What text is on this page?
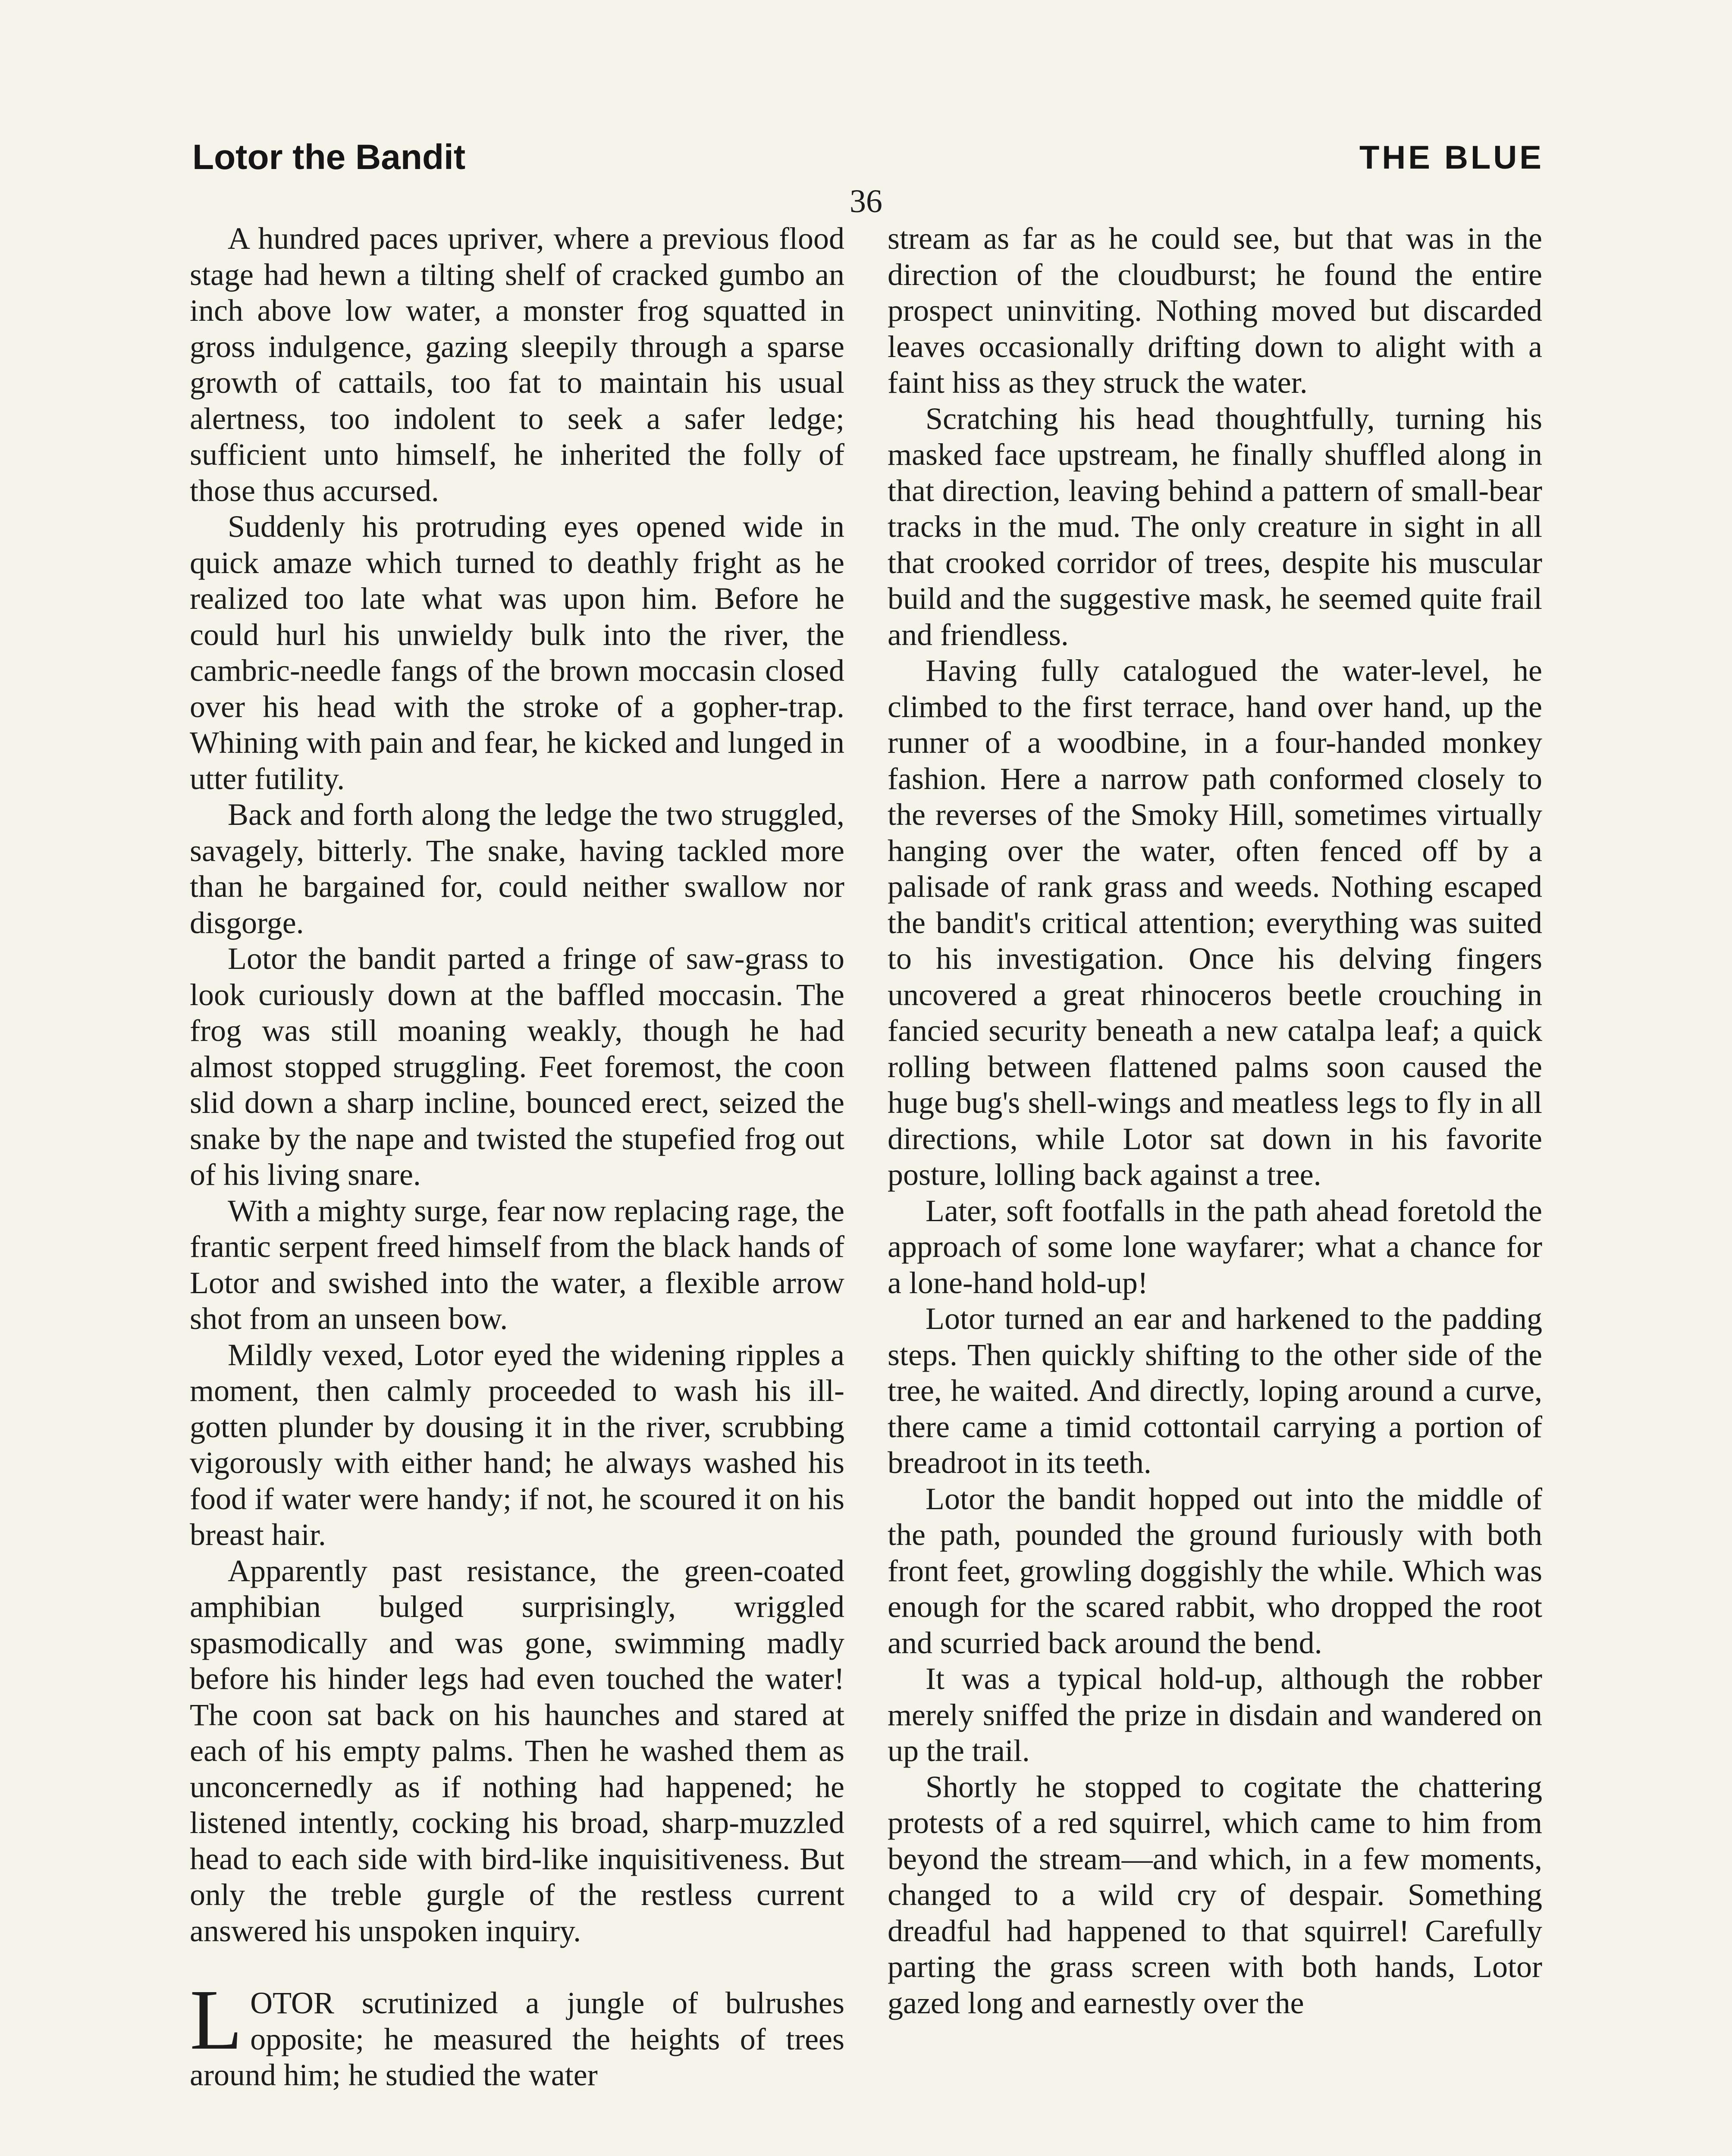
Lotor the Bandit	THE BLUE
36

A hundred paces upriver, where a previous flood stage had hewn a tilting shelf of cracked gumbo an inch above low water, a monster frog squatted in gross indulgence, gazing sleepily through a sparse growth of cattails, too fat to maintain his usual alertness, too indolent to seek a safer ledge; sufficient unto himself, he inherited the folly of those thus accursed.

Suddenly his protruding eyes opened wide in quick amaze which turned to deathly fright as he realized too late what was upon him. Before he could hurl his unwieldy bulk into the river, the cambric-needle fangs of the brown moccasin closed over his head with the stroke of a gopher-trap. Whining with pain and fear, he kicked and lunged in utter futility.

Back and forth along the ledge the two struggled, savagely, bitterly. The snake, having tackled more than he bargained for, could neither swallow nor disgorge.

Lotor the bandit parted a fringe of saw-grass to look curiously down at the baffled moccasin. The frog was still moaning weakly, though he had almost stopped struggling. Feet foremost, the coon slid down a sharp incline, bounced erect, seized the snake by the nape and twisted the stupefied frog out of his living snare.

With a mighty surge, fear now replacing rage, the frantic serpent freed himself from the black hands of Lotor and swished into the water, a flexible arrow shot from an unseen bow.

Mildly vexed, Lotor eyed the widening ripples a moment, then calmly proceeded to wash his ill-gotten plunder by dousing it in the river, scrubbing vigorously with either hand; he always washed his food if water were handy; if not, he scoured it on his breast hair.

Apparently past resistance, the green-coated amphibian bulged surprisingly, wriggled spasmodically and was gone, swimming madly before his hinder legs had even touched the water! The coon sat back on his haunches and stared at each of his empty palms. Then he washed them as unconcernedly as if nothing had happened; he listened intently, cocking his broad, sharp-muzzled head to each side with bird-like inquisitiveness. But only the treble gurgle of the restless current answered his unspoken inquiry.

LOTOR scrutinized a jungle of bulrushes opposite; he measured the heights of trees around him; he studied the water

stream as far as he could see, but that was in the direction of the cloudburst; he found the entire prospect uninviting. Nothing moved but discarded leaves occasionally drifting down to alight with a faint hiss as they struck the water.

Scratching his head thoughtfully, turning his masked face upstream, he finally shuffled along in that direction, leaving behind a pattern of small-bear tracks in the mud. The only creature in sight in all that crooked corridor of trees, despite his muscular build and the suggestive mask, he seemed quite frail and friendless.

Having fully catalogued the water-level, he climbed to the first terrace, hand over hand, up the runner of a woodbine, in a four-handed monkey fashion. Here a narrow path conformed closely to the reverses of the Smoky Hill, sometimes virtually hanging over the water, often fenced off by a palisade of rank grass and weeds. Nothing escaped the bandit's critical attention; everything was suited to his investigation. Once his delving fingers uncovered a great rhinoceros beetle crouching in fancied security beneath a new catalpa leaf; a quick rolling between flattened palms soon caused the huge bug's shell-wings and meatless legs to fly in all directions, while Lotor sat down in his favorite posture, lolling back against a tree.

Later, soft footfalls in the path ahead foretold the approach of some lone wayfarer; what a chance for a lone-hand hold-up!

Lotor turned an ear and harkened to the padding steps. Then quickly shifting to the other side of the tree, he waited. And directly, loping around a curve, there came a timid cottontail carrying a portion of breadroot in its teeth.

Lotor the bandit hopped out into the middle of the path, pounded the ground furiously with both front feet, growling doggishly the while. Which was enough for the scared rabbit, who dropped the root and scurried back around the bend.

It was a typical hold-up, although the robber merely sniffed the prize in disdain and wandered on up the trail.

Shortly he stopped to cogitate the chattering protests of a red squirrel, which came to him from beyond the stream—and which, in a few moments, changed to a wild cry of despair. Something dreadful had happened to that squirrel! Carefully parting the grass screen with both hands, Lotor gazed long and earnestly over the
